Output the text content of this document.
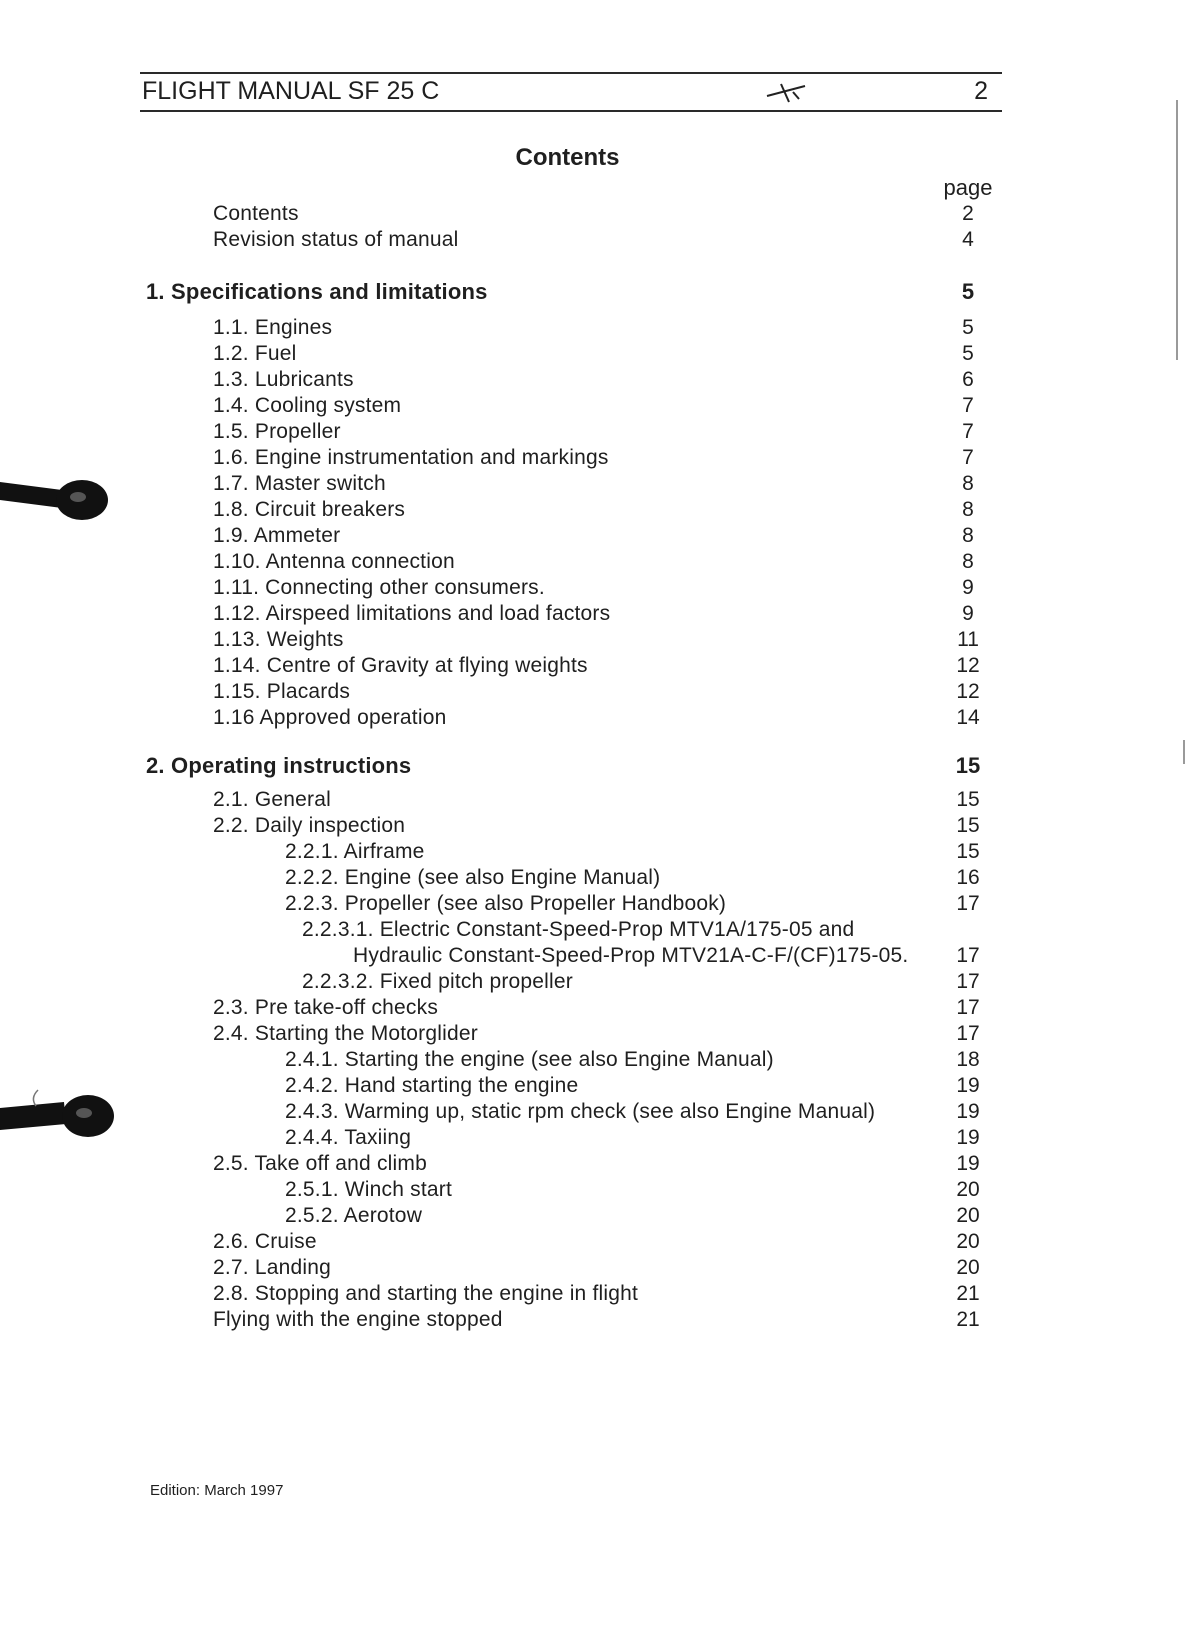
FLIGHT MANUAL SF 25 C	2
Contents
page
Contents	2
Revision status of manual	4
1. Specifications and limitations	5
1.1. Engines	5
1.2. Fuel	5
1.3. Lubricants	6
1.4. Cooling system	7
1.5. Propeller	7
1.6. Engine instrumentation and markings	7
1.7. Master switch	8
1.8. Circuit breakers	8
1.9. Ammeter	8
1.10. Antenna connection	8
1.11. Connecting other consumers.	9
1.12. Airspeed limitations and load factors	9
1.13. Weights	11
1.14. Centre of Gravity at flying weights	12
1.15. Placards	12
1.16 Approved operation	14
2. Operating instructions	15
2.1. General	15
2.2. Daily inspection	15
2.2.1. Airframe	15
2.2.2. Engine (see also Engine Manual)	16
2.2.3. Propeller (see also Propeller Handbook)	17
2.2.3.1. Electric Constant-Speed-Prop MTV1A/175-05 and
Hydraulic Constant-Speed-Prop MTV21A-C-F/(CF)175-05.	17
2.2.3.2. Fixed pitch propeller	17
2.3. Pre take-off checks	17
2.4. Starting the Motorglider	17
2.4.1. Starting the engine (see also Engine Manual)	18
2.4.2. Hand starting the engine	19
2.4.3. Warming up, static rpm check (see also Engine Manual)	19
2.4.4. Taxiing	19
2.5. Take off and climb	19
2.5.1. Winch start	20
2.5.2. Aerotow	20
2.6. Cruise	20
2.7. Landing	20
2.8. Stopping and starting the engine in flight	21
Flying with the engine stopped	21
Edition: March 1997
